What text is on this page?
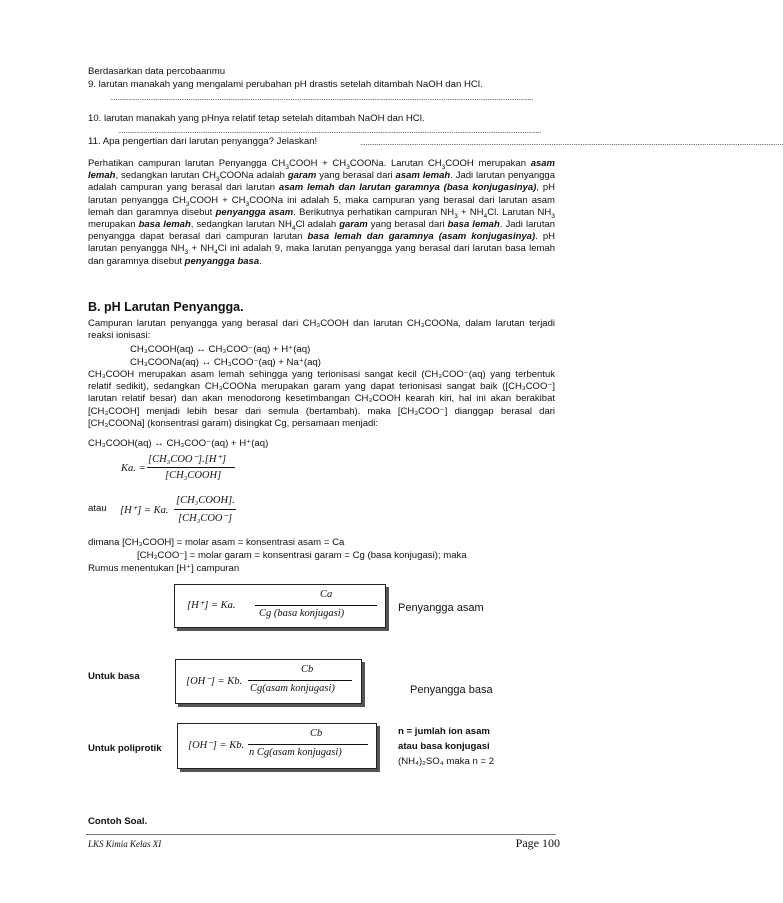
Berdasarkan data percobaanmu
9. larutan manakah yang mengalami perubahan pH drastis setelah ditambah NaOH dan HCl.
........................................................................................................................................................................................................................................
10. larutan manakah yang pHnya relatif tetap setelah ditambah NaOH dan HCl.
........................................................................................................................................................................................................................................
11. Apa pengertian dari larutan penyangga? Jelaskan!	........................................................................................................................................................................................................................................
Perhatikan campuran larutan Penyangga $CH_3COOH$ + $CH_3COONa$. Larutan $CH_3COOH$ merupakan asam lemah, sedangkan larutan $CH_3COONa$ adalah garam yang berasal dari asam lemah. Jadi larutan penyangga adalah campuran yang berasal dari larutan asam lemah dan larutan garamnya (basa konjugasinya), pH larutan penyangga $CH_3COOH$ + $CH_3COONa$ ini adalah 5, maka campuran yang berasal dari larutan asam lemah dan garamnya disebut penyangga asam. Berikutnya perhatikan campuran $NH_3 + NH_4Cl$. Larutan $NH_3$ merupakan basa lemah, sedangkan larutan $NH_4Cl$ adalah garam yang berasal dari basa lemah. Jadi larutan penyangga dapat berasal dari campuran larutan basa lemah dan garamnya (asam konjugasinya). pH larutan penyangga $NH_3 + NH_4Cl$ ini adalah 9, maka larutan penyangga yang berasal dari larutan basa lemah dan garamnya disebut penyangga basa.
B. pH Larutan Penyangga.
Campuran larutan penyangga yang berasal dari CH₃COOH dan larutan CH₃COONa, dalam larutan terjadi reaksi ionisasi:
CH₃COOH(aq) ↔ CH₃COO⁻(aq) + H⁺(aq)
CH₃COONa(aq) ↔ CH₃COO⁻(aq) + Na⁺(aq)
CH₃COOH merupakan asam lemah sehingga yang terionisasi sangat kecil (CH₃COO⁻(aq) yang terbentuk relatif sedikit), sedangkan CH₃COONa merupakan garam yang dapat terionisasi sangat baik ([CH₃COO⁻] larutan relatif besar) dan akan menodorong kesetimbangan CH₃COOH kearah kiri, hal ini akan berakibat [CH₃COOH] menjadi lebih besar dari semula (bertambah). maka [CH₃COO⁻] dianggap berasal dari [CH₃COONa] (konsentrasi garam) disingkat Cg, persamaan menjadi:
CH₃COOH(aq) ↔ CH₃COO⁻(aq) + H⁺(aq)
Ka. =
[CH₃COO⁻].[H⁺]
[CH₃COOH]
atau [H⁺] = Ka.
[CH₃COOH].
[CH₃COO⁻]
dimana [CH₃COOH] = molar asam = konsentrasi asam = Ca
[CH₃COO⁻] = molar garam = konsentrasi garam = Cg (basa konjugasi); maka
Rumus menentukan [H⁺] campuran
[H⁺] = Ka.
Ca
Cg (basa konjugasi)	Penyangga asam
Untuk basa	[OH⁻] = Kb.
Cb
Cg(asam konjugasi)	Penyangga basa
Untuk poliprotik	[OH⁻] = Kb.
Cb
n Cg(asam konjugasi)
n = jumlah ion asam
atau basa konjugasi
(NH₄)₂SO₄ maka n = 2
Contoh Soal.
LKS Kimia Kelas XI	Page 100
